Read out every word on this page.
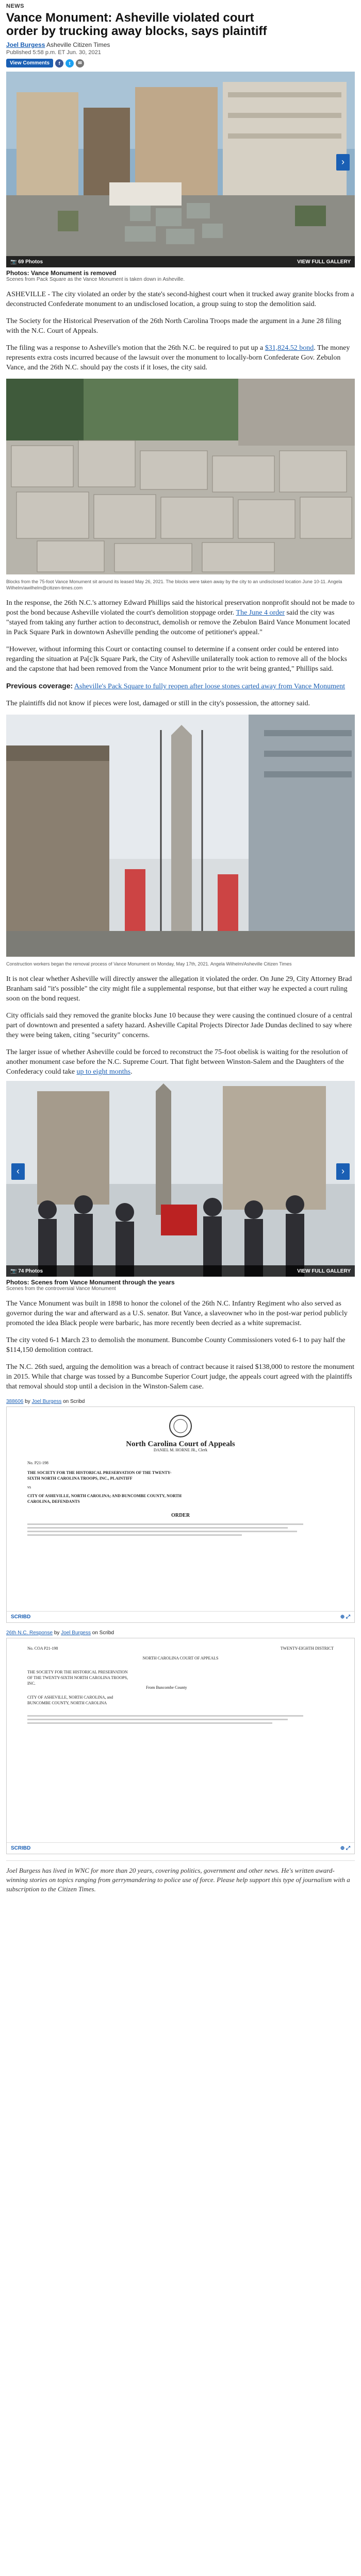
NEWS
Vance Monument: Asheville violated court order by trucking away blocks, says plaintiff
Joel Burgess Asheville Citizen Times
Published 5:58 p.m. ET Jun. 30, 2021
View Comments	f	t	✉
›
📷 69 Photos	VIEW FULL GALLERY
Photos: Vance Monument is removed
Scenes from Pack Square as the Vance Monument is taken down in Asheville.

ASHEVILLE - The city violated an order by the state's second-highest court when it trucked away granite blocks from a deconstructed Confederate monument to an undisclosed location, a group suing to stop the demolition said.

The Society for the Historical Preservation of the 26th North Carolina Troops made the argument in a June 28 filing with the N.C. Court of Appeals.

The filing was a response to Asheville's motion that the 26th N.C. be required to put up a $31,824.52 bond. The money represents extra costs incurred because of the lawsuit over the monument to locally-born Confederate Gov. Zebulon Vance, and the 26th N.C. should pay the costs if it loses, the city said.

Blocks from the 75-foot Vance Monument sit around its leased May 26, 2021. The blocks were taken away by the city to an undisclosed location June 10-11. Angela Wilhelm/awilhelm@citizen-times.com

In the response, the 26th N.C.'s attorney Edward Phillips said the historical preservation nonprofit should not be made to post the bond because Asheville violated the court's demolition stoppage order. The June 4 order said the city was "stayed from taking any further action to deconstruct, demolish or remove the Zebulon Baird Vance Monument located in Pack Square Park in downtown Asheville pending the outcome of petitioner's appeal."

"However, without informing this Court or contacting counsel to determine if a consent order could be entered into regarding the situation at Pa[c]k Square Park, the City of Asheville unilaterally took action to remove all of the blocks and the capstone that had been removed from the Vance Monument prior to the writ being granted," Phillips said.

Previous coverage: Asheville's Pack Square to fully reopen after loose stones carted away from Vance Monument

The plaintiffs did not know if pieces were lost, damaged or still in the city's possession, the attorney said.

Construction workers began the removal process of Vance Monument on Monday, May 17th, 2021. Angela Wilhelm/Asheville Citizen Times

It is not clear whether Asheville will directly answer the allegation it violated the order. On June 29, City Attorney Brad Branham said "it's possible" the city might file a supplemental response, but that either way he expected a court ruling soon on the bond request.

City officials said they removed the granite blocks June 10 because they were causing the continued closure of a central part of downtown and presented a safety hazard. Asheville Capital Projects Director Jade Dundas declined to say where they were being taken, citing "security" concerns.

The larger issue of whether Asheville could be forced to reconstruct the 75-foot obelisk is waiting for the resolution of another monument case before the N.C. Supreme Court. That fight between Winston-Salem and the Daughters of the Confederacy could take up to eight months.

‹	›
📷 74 Photos	VIEW FULL GALLERY
Photos: Scenes from Vance Monument through the years
Scenes from the controversial Vance Monument

The Vance Monument was built in 1898 to honor the colonel of the 26th N.C. Infantry Regiment who also served as governor during the war and afterward as a U.S. senator. But Vance, a slaveowner who in the post-war period publicly promoted the idea Black people were barbaric, has more recently been decried as a white supremacist.

The city voted 6-1 March 23 to demolish the monument. Buncombe County Commissioners voted 6-1 to pay half the $114,150 demolition contract.

The N.C. 26th sued, arguing the demolition was a breach of contract because it raised $138,000 to restore the monument in 2015. While that charge was tossed by a Buncombe Superior Court judge, the appeals court agreed with the plaintiffs that removal should stop until a decision in the Winston-Salem case.

388606 by Joel Burgess on Scribd
North Carolina Court of Appeals
DANIEL M. HORNE JR., Clerk
No. P21-198
THE SOCIETY FOR THE HISTORICAL PRESERVATION OF THE TWENTY-SIXTH NORTH CAROLINA TROOPS, INC., PLAINTIFF
vs
CITY OF ASHEVILLE, NORTH CAROLINA; AND BUNCOMBE COUNTY, NORTH CAROLINA, DEFENDANTS
ORDER
SCRIBD	⊕ ⤢
26th N.C. Response by Joel Burgess on Scribd
No. COA P21-198	TWENTY-EIGHTH DISTRICT
NORTH CAROLINA COURT OF APPEALS
THE SOCIETY FOR THE HISTORICAL PRESERVATION OF THE TWENTY-SIXTH NORTH CAROLINA TROOPS, INC.
CITY OF ASHEVILLE, NORTH CAROLINA, and BUNCOMBE COUNTY, NORTH CAROLINA
From Buncombe County
SCRIBD	⊕ ⤢
Joel Burgess has lived in WNC for more than 20 years, covering politics, government and other news. He's written award-winning stories on topics ranging from gerrymandering to police use of force. Please help support this type of journalism with a subscription to the Citizen Times.
